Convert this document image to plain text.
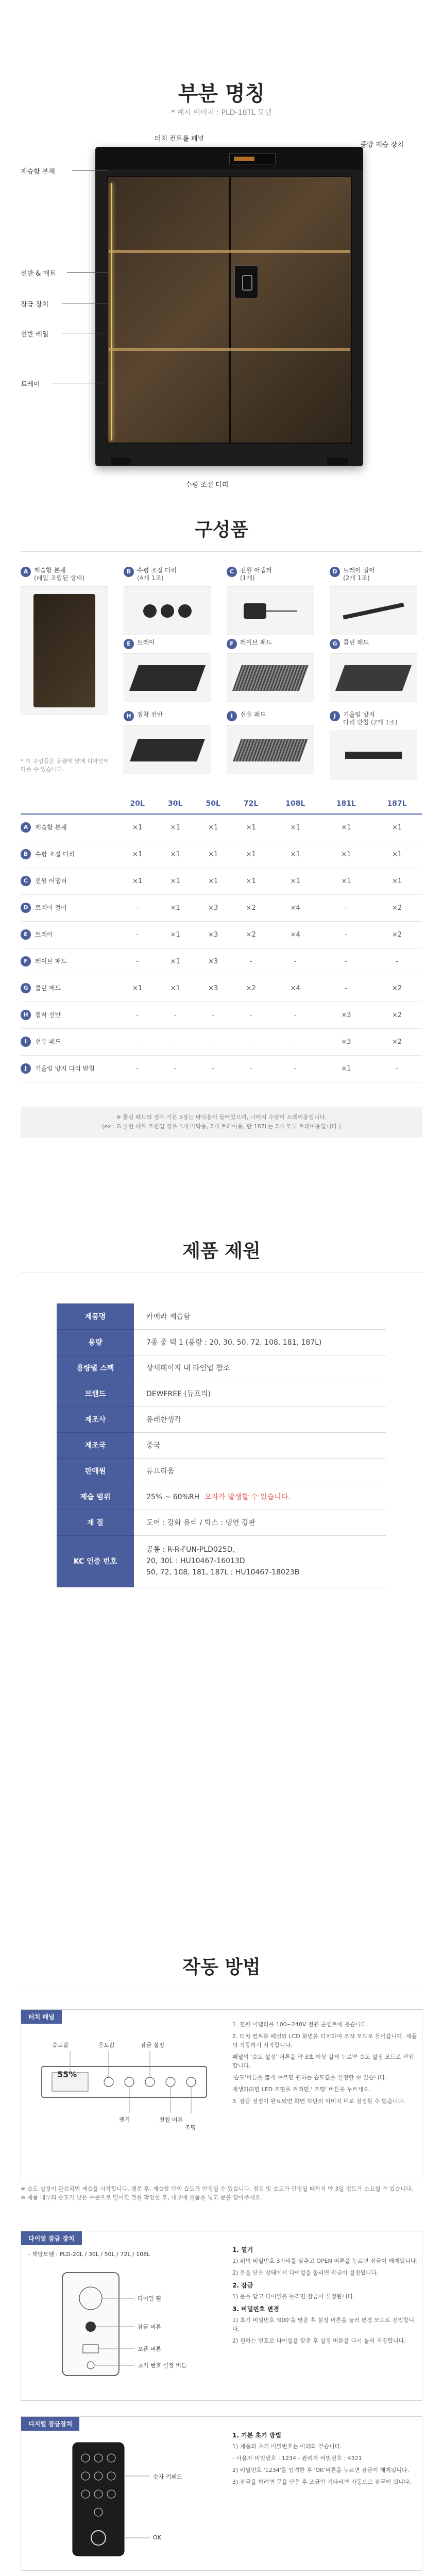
부분 명칭
* 예시 이미지 : PLD-18TL 모델
제습함 본체
터치 컨트롤 패널
중앙 제습 장치
선반 & 매트
잠금 장치
선반 레일
트레이
수평 조절 다리
구성품
A 제습함 본체
(레일 조립된 상태)
B 수평 조절 다리
(4개 1조)
C 전원 어댑터
(1개)
D 트레이 걸이
(2개 1조)
E	트레이	F	레이브 패드	G 콜린 패드
H 접착 선반	I	선유 패드	J	기울임 방지
다리 받침 (2개 1조)
* 각 구성품은 용량에 맞게 디자인이 다를 수 있습니다.
	20L	30L	50L	72L	108L	181L	187L

A 제습함 본체	×1	×1	×1	×1	×1	×1	×1

B 수평 조절 다리	×1	×1	×1	×1	×1	×1	×1

C 전원 어댑터	×1	×1	×1	×1	×1	×1	×1

D 트레이 걸이	-	×1	×3	×2	×4	-	×2

E 트레이	-	×1	×3	×2	×4	-	×2

F 레이브 패드	-	×1	×3	-	-	-	-

G 콜린 패드	×1	×1	×3	×2	×4	-	×2

H 접착 선반	-	-	-	-	-	×3	×2

I 선유 패드	-	-	-	-	-	×3	×2

J 기울임 방지 다리 받침	-	-	-	-	-	×1	-
※ 콜린 패드의 경우 기본 5장는 바닥용이 들어있으며, 나머지 수량이 트레이용입니다.
(ex : G 콜린 패드 조립입 경우 1개 바닥용, 2개 트레이용, 단 187L는 2개 모두 트레이용입니다.)
제품 제원
제품명	카메라 제습함
용량	7종 중 택 1 (용량 : 20, 30, 50, 72, 108, 181, 187L)
용량별 스펙	상세페이지 내 라인업 참조
브랜드	DEWFREE (듀프리)
제조사	유레찬생각
제조국	중국
판매원	듀프리움
제습 범위	25% ~ 60%RH 오차가 발생할 수 있습니다.
재 질	도어 : 강화 유리 / 박스 : 냉연 강판
KC 인증 번호	공통 : R-R-FUN-PLD025D,
20, 30L : HU10467-16013D
50, 72, 108, 181, 187L : HU10467-18023B
작동 방법
터치 패널
습도값
55%
온도값	잠금 설정
팬기	전원 버튼
조명

1. 전원 어댑터를 100~240V 전원 콘센트에 꽂습니다.

2. 터치 컨트롤 패널의 LCD 화면을 터치하여 조작 모드로 들어갑니다. 제품의 작동하기 시작합니다.

패널의 '습도 설정' 버튼을 약 3초 이상 길게 누르면 습도 설정 모드로 진입합니다.

'습도'버튼을 짧게 누르면 원하는 습도값을 설정할 수 있습니다.

재생하려면 LED 조명을 켜려면 ' 조명' 버튼을 누르세요.

3. 잠금 설정이 완료되면 화면 하단의 이미지 대로 설정할 수 있습니다.

※ 습도 설정이 완료되면 제습을 시작합니다. 팽문 후, 제습함 안의 습도가 안정될 수 있습니다. 점검 및 습도가 안정될 때까지 약 3일 정도가 소요될 수 있습니다.

※ 제품 내부의 습도가 낮은 수준으로 떨어진 것을 확인한 후, 내부에 물품을 넣고 문을 닫아주세요.

다이얼 잠금 장치
- 해당모델 : PLD-20L / 30L / 50L / 72L / 108L
다이얼 휠
잠금 버튼
오픈 버튼
초기 번호 설정 버튼
1. 열기

1) 위의 비밀번호 3자리를 맞추고 OPEN 버튼을 누르면 잠금이 해제됩니다.

2) 문을 닫은 상태에서 다이얼을 돌리면 잠금이 설정됩니다.

2. 잠금

1) 문을 닫고 다이얼을 돌리면 잠금이 설정됩니다.

3. 비밀번호 변경

1) 초기 비밀번호 '000'을 맞춘 후 설정 버튼을 눌러 변경 모드로 진입합니다.

2) 원하는 번호로 다이얼을 맞춘 후 설정 버튼을 다시 눌러 저장합니다.

디지털 잠금장치
숫자 키패드
OK
1. 기본 초기 방법

1) 제품의 초기 비밀번호는 아래와 같습니다.

- 사용자 비밀번호 : 1234 - 관리자 비밀번호 : 4321

2) 비밀번호 '1234'를 입력한 후 'OK'버튼을 누르면 잠금이 해제됩니다.

3) 잠금을 하려면 문을 닫은 후 조금만 기다리면 자동으로 잠금이 됩니다.
